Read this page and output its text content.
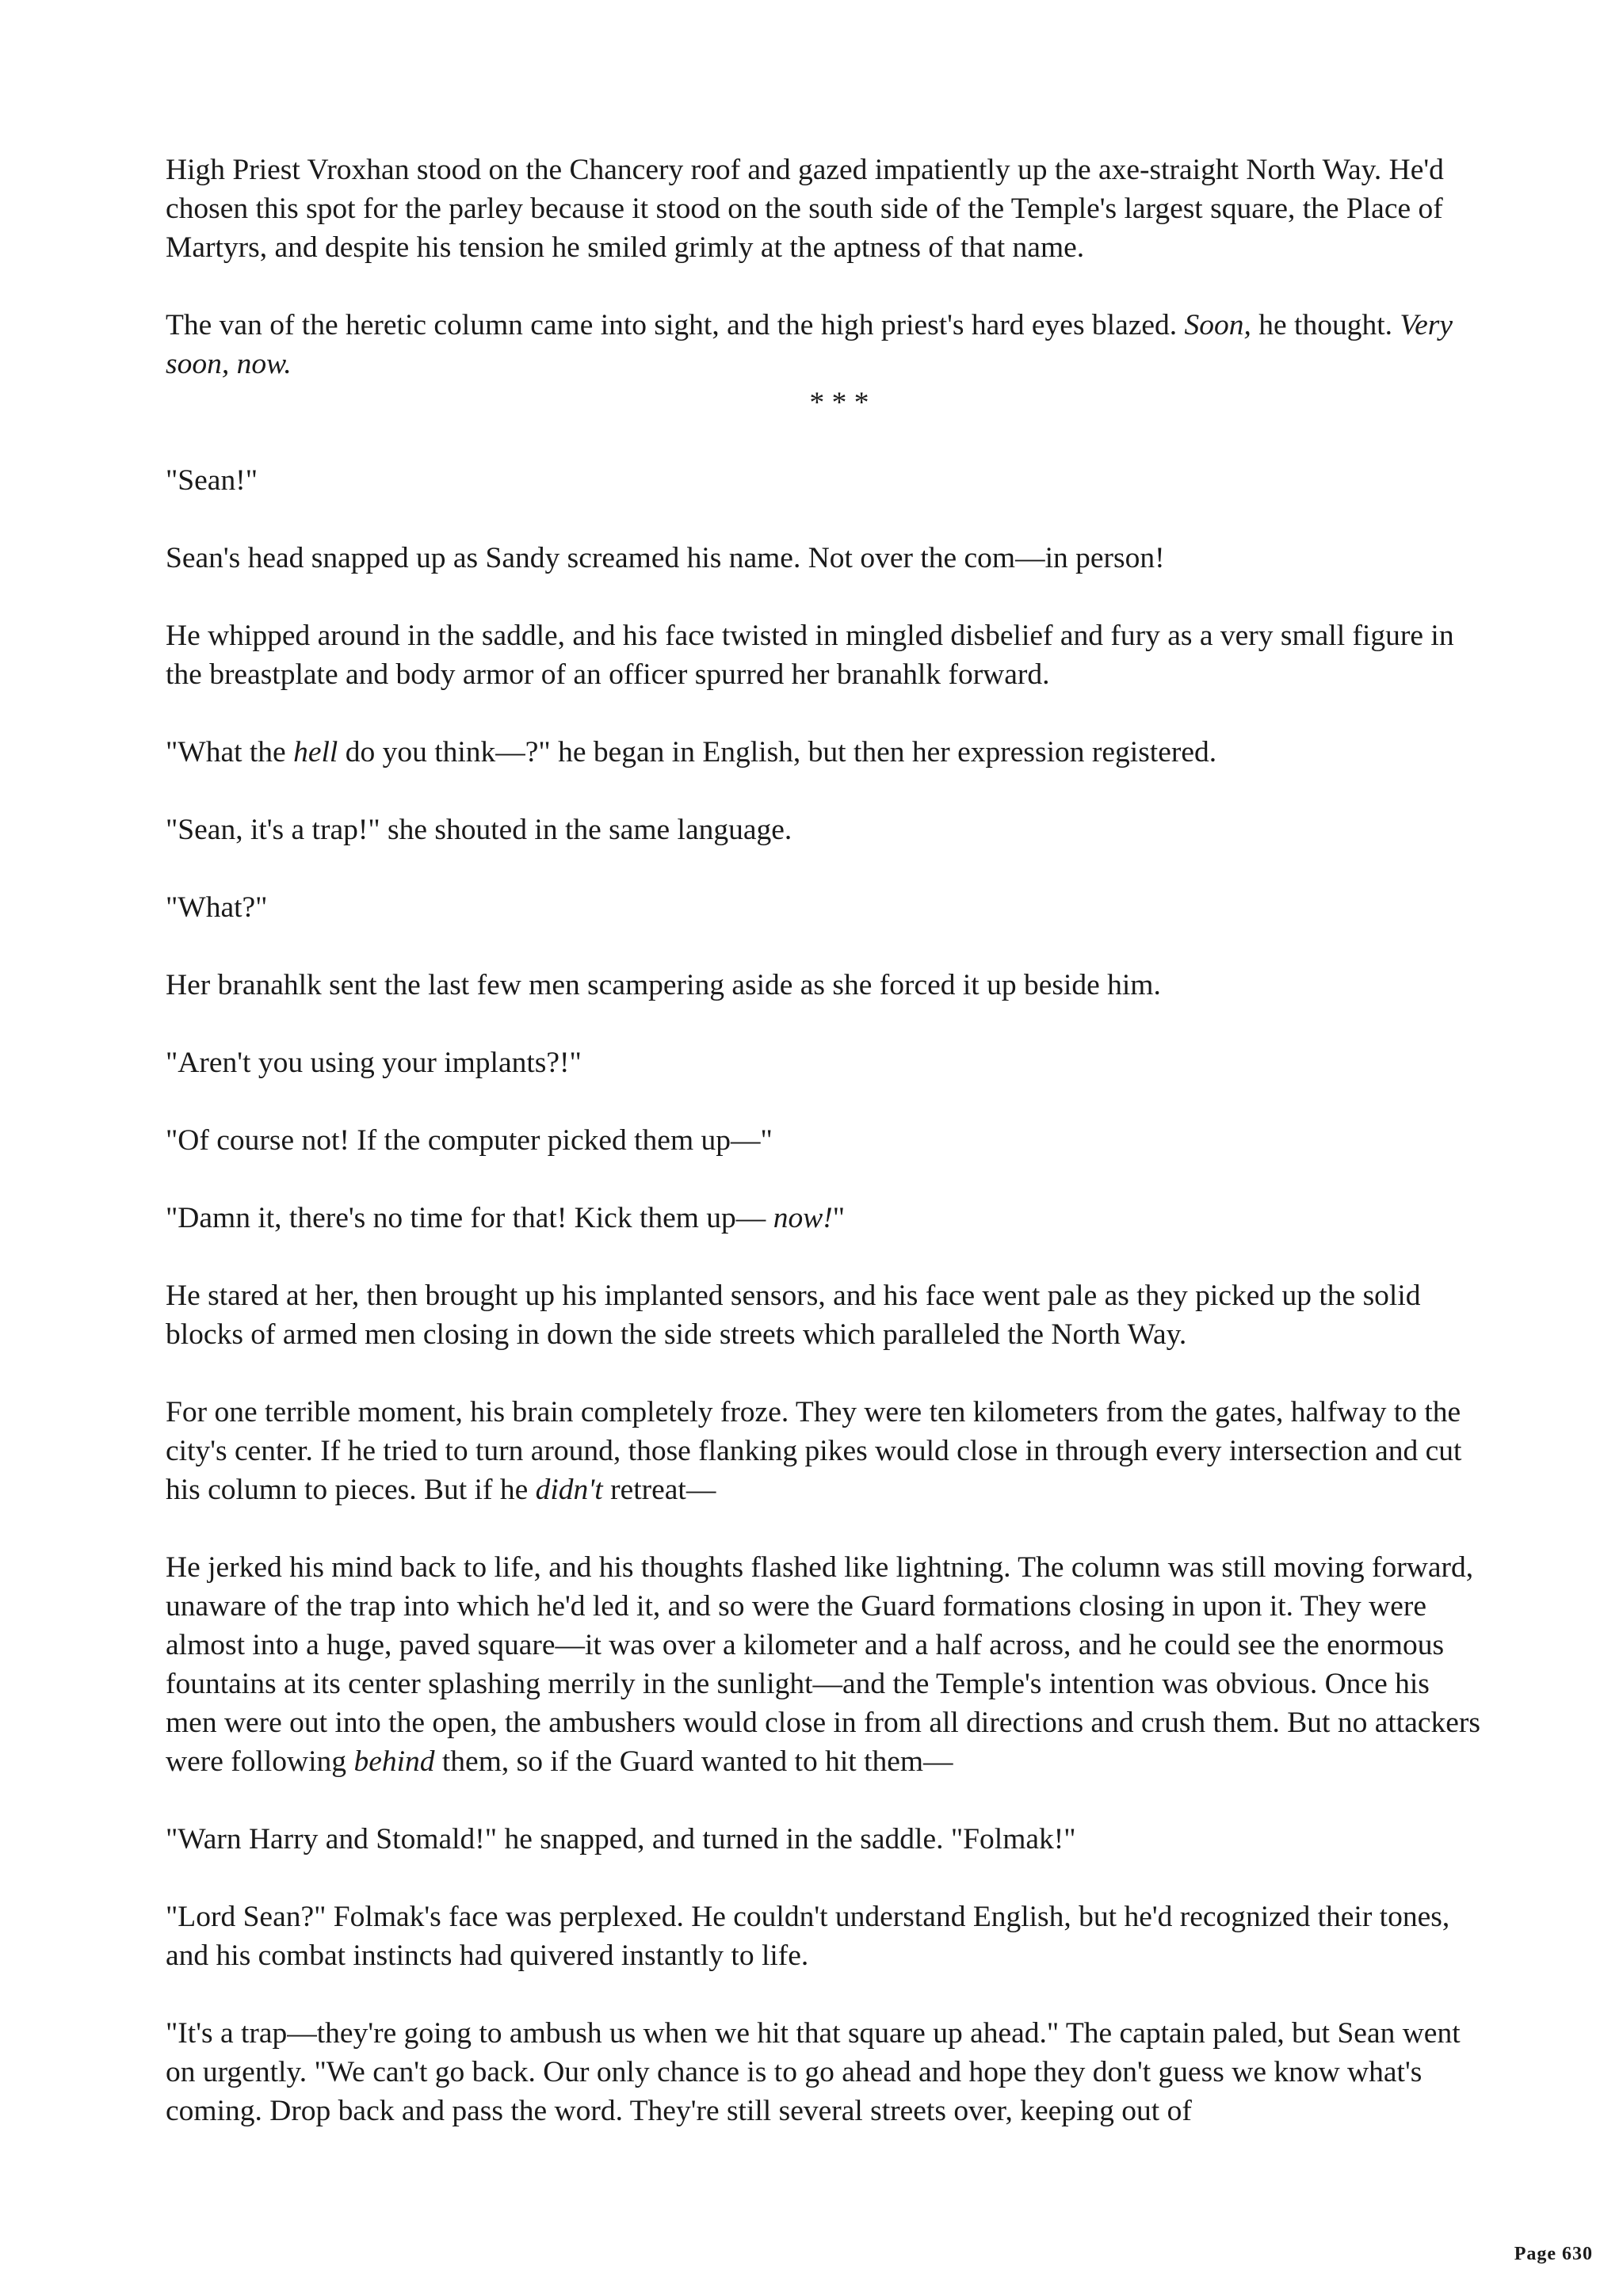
High Priest Vroxhan stood on the Chancery roof and gazed impatiently up the axe-straight North Way. He'd chosen this spot for the parley because it stood on the south side of the Temple's largest square, the Place of Martyrs, and despite his tension he smiled grimly at the aptness of that name.

The van of the heretic column came into sight, and the high priest's hard eyes blazed. Soon, he thought. Very soon, now.

* * *

"Sean!"

Sean's head snapped up as Sandy screamed his name. Not over the com—in person!

He whipped around in the saddle, and his face twisted in mingled disbelief and fury as a very small figure in the breastplate and body armor of an officer spurred her branahlk forward.

"What the hell do you think—?" he began in English, but then her expression registered.

"Sean, it's a trap!" she shouted in the same language.

"What?"

Her branahlk sent the last few men scampering aside as she forced it up beside him.

"Aren't you using your implants?!"

"Of course not! If the computer picked them up—"

"Damn it, there's no time for that! Kick them up— now!"

He stared at her, then brought up his implanted sensors, and his face went pale as they picked up the solid blocks of armed men closing in down the side streets which paralleled the North Way.

For one terrible moment, his brain completely froze. They were ten kilometers from the gates, halfway to the city's center. If he tried to turn around, those flanking pikes would close in through every intersection and cut his column to pieces. But if he didn't retreat—

He jerked his mind back to life, and his thoughts flashed like lightning. The column was still moving forward, unaware of the trap into which he'd led it, and so were the Guard formations closing in upon it. They were almost into a huge, paved square—it was over a kilometer and a half across, and he could see the enormous fountains at its center splashing merrily in the sunlight—and the Temple's intention was obvious. Once his men were out into the open, the ambushers would close in from all directions and crush them. But no attackers were following behind them, so if the Guard wanted to hit them—

"Warn Harry and Stomald!" he snapped, and turned in the saddle. "Folmak!"

"Lord Sean?" Folmak's face was perplexed. He couldn't understand English, but he'd recognized their tones, and his combat instincts had quivered instantly to life.

"It's a trap—they're going to ambush us when we hit that square up ahead." The captain paled, but Sean went on urgently. "We can't go back. Our only chance is to go ahead and hope they don't guess we know what's coming. Drop back and pass the word. They're still several streets over, keeping out of

Page 630
